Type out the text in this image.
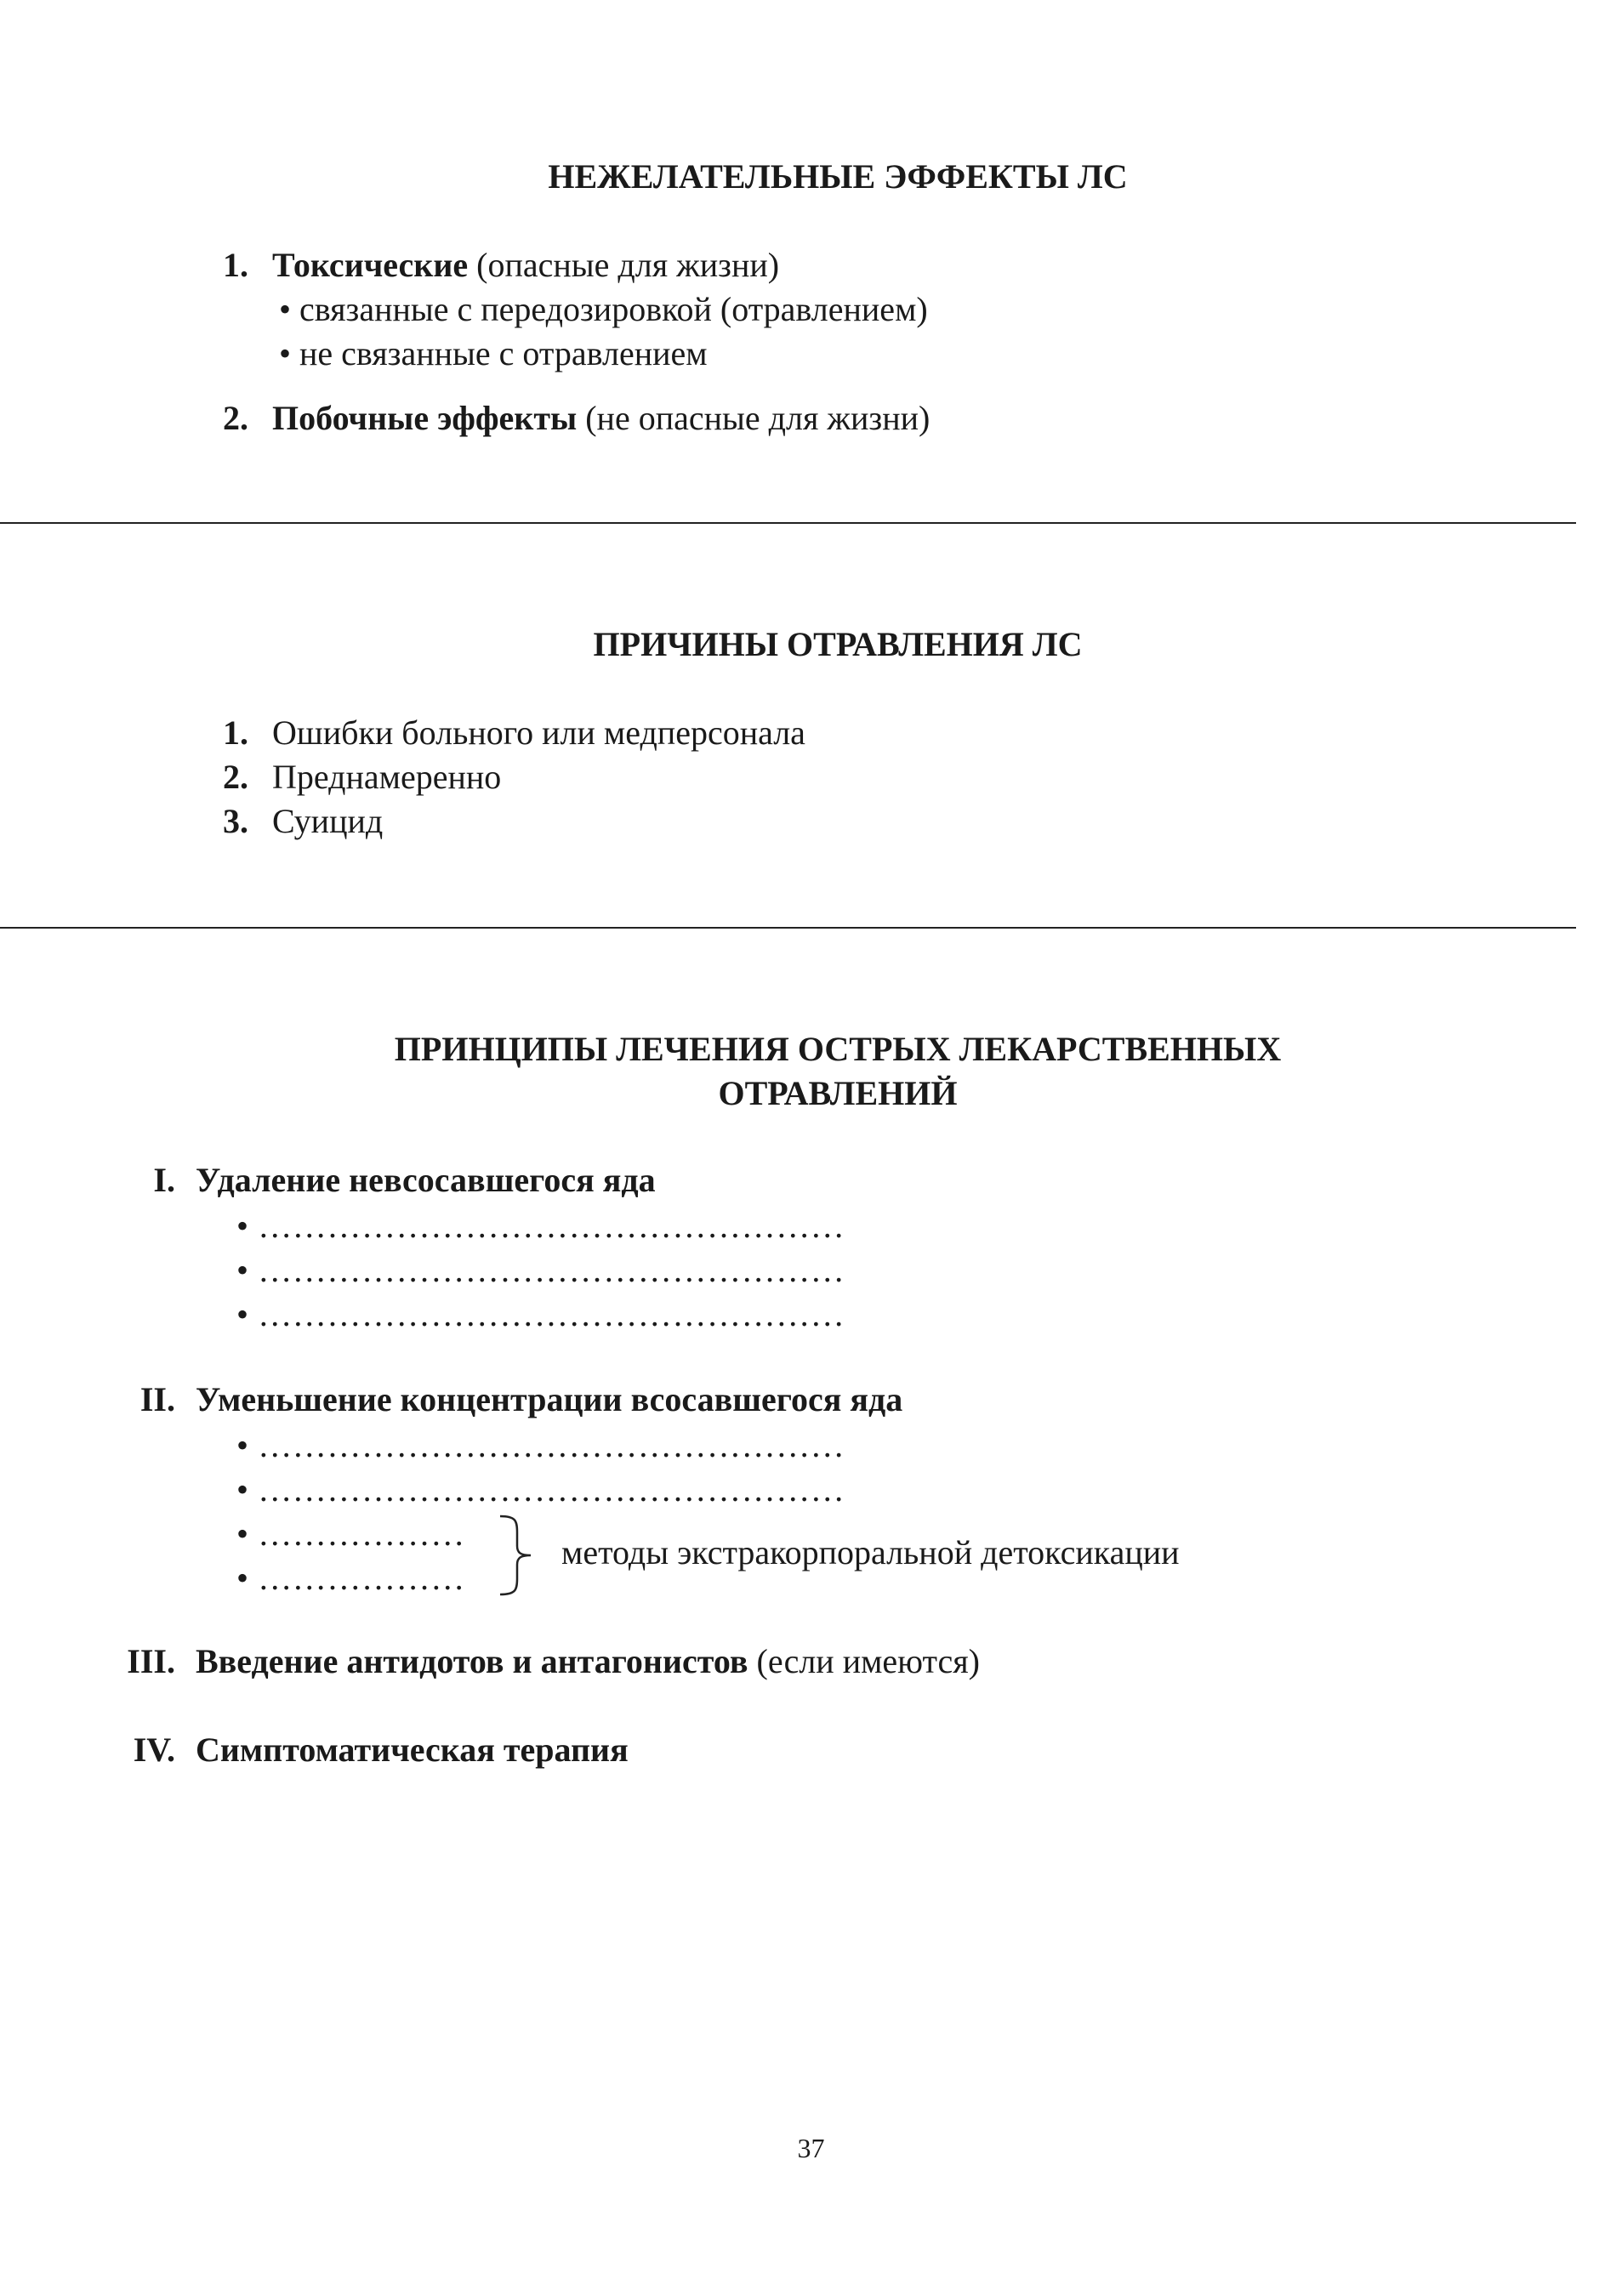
НЕЖЕЛАТЕЛЬНЫЕ ЭФФЕКТЫ ЛС
1. Токсические (опасные для жизни)
• связанные с передозировкой (отравлением)
• не связанные с отравлением
2. Побочные эффекты (не опасные для жизни)
ПРИЧИНЫ ОТРАВЛЕНИЯ ЛС
1. Ошибки больного или медперсонала
2. Преднамеренно
3. Суицид
ПРИНЦИПЫ ЛЕЧЕНИЯ ОСТРЫХ ЛЕКАРСТВЕННЫХ
ОТРАВЛЕНИЙ
I. Удаление невсосавшегося яда
• ……………………………………………
• ……………………………………………
• ……………………………………………
II. Уменьшение концентрации всосавшегося яда
• ……………………………………………
• ……………………………………………
• ………………
• ………………
методы экстракорпоральной детоксикации
III. Введение антидотов и антагонистов (если имеются)
IV. Симптоматическая терапия
37
